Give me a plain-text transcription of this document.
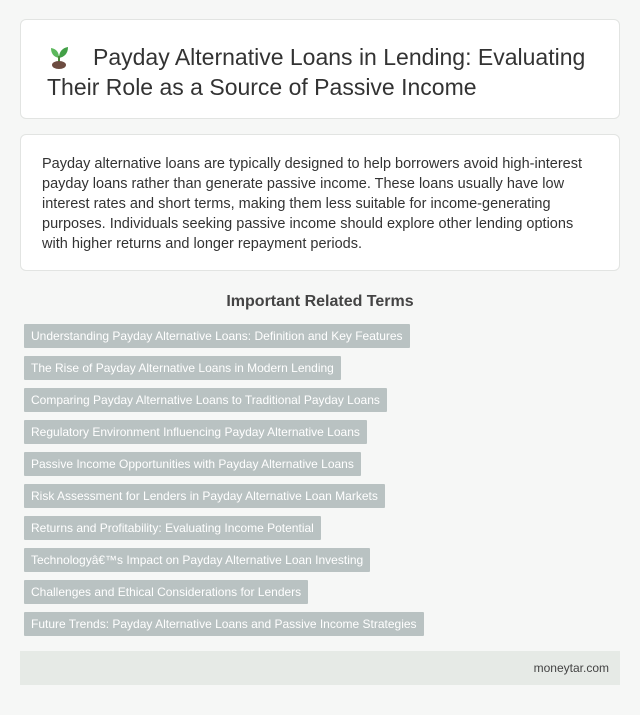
Payday Alternative Loans in Lending: Evaluating Their Role as a Source of Passive Income

Payday alternative loans are typically designed to help borrowers avoid high-interest payday loans rather than generate passive income. These loans usually have low interest rates and short terms, making them less suitable for income-generating purposes. Individuals seeking passive income should explore other lending options with higher returns and longer repayment periods.

Important Related Terms
Understanding Payday Alternative Loans: Definition and Key Features
The Rise of Payday Alternative Loans in Modern Lending
Comparing Payday Alternative Loans to Traditional Payday Loans
Regulatory Environment Influencing Payday Alternative Loans
Passive Income Opportunities with Payday Alternative Loans
Risk Assessment for Lenders in Payday Alternative Loan Markets
Returns and Profitability: Evaluating Income Potential
Technologyâ€™s Impact on Payday Alternative Loan Investing
Challenges and Ethical Considerations for Lenders
Future Trends: Payday Alternative Loans and Passive Income Strategies
moneytar.com
